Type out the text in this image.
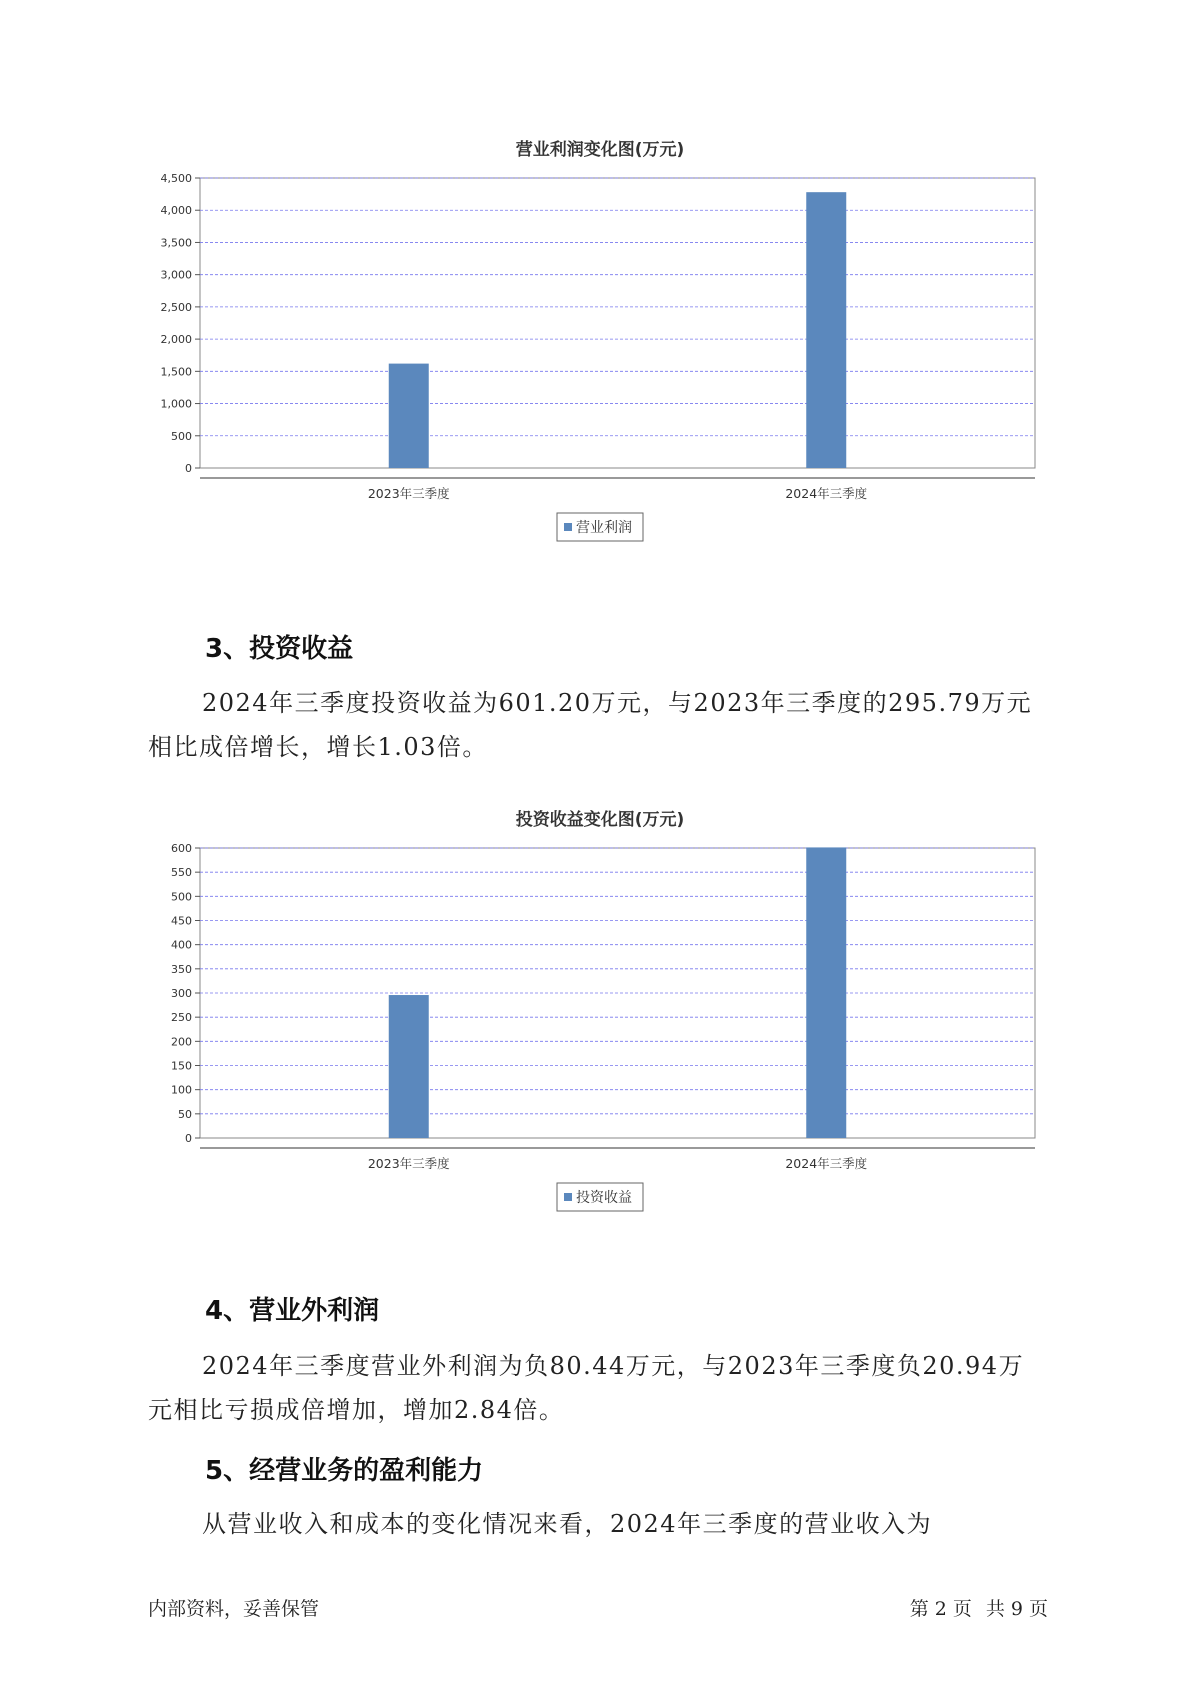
营业利润变化图(万元)
0
500
1,000
1,500
2,000
2,500
3,000
3,500
4,000
4,500
2023年三季度	2024年三季度
营业利润
3、投资收益

2024年三季度投资收益为601.20万元，与2023年三季度的295.79万元相比成倍增长，增长1.03倍。

投资收益变化图(万元)
0
50
100
150
200
250
300
350
400
450
500
550
600
2023年三季度	2024年三季度
投资收益
4、营业外利润

2024年三季度营业外利润为负80.44万元，与2023年三季度负20.94万元相比亏损成倍增加，增加2.84倍。

5、经营业务的盈利能力

从营业收入和成本的变化情况来看，2024年三季度的营业收入为

内部资料，妥善保管	第 2 页 共 9 页
